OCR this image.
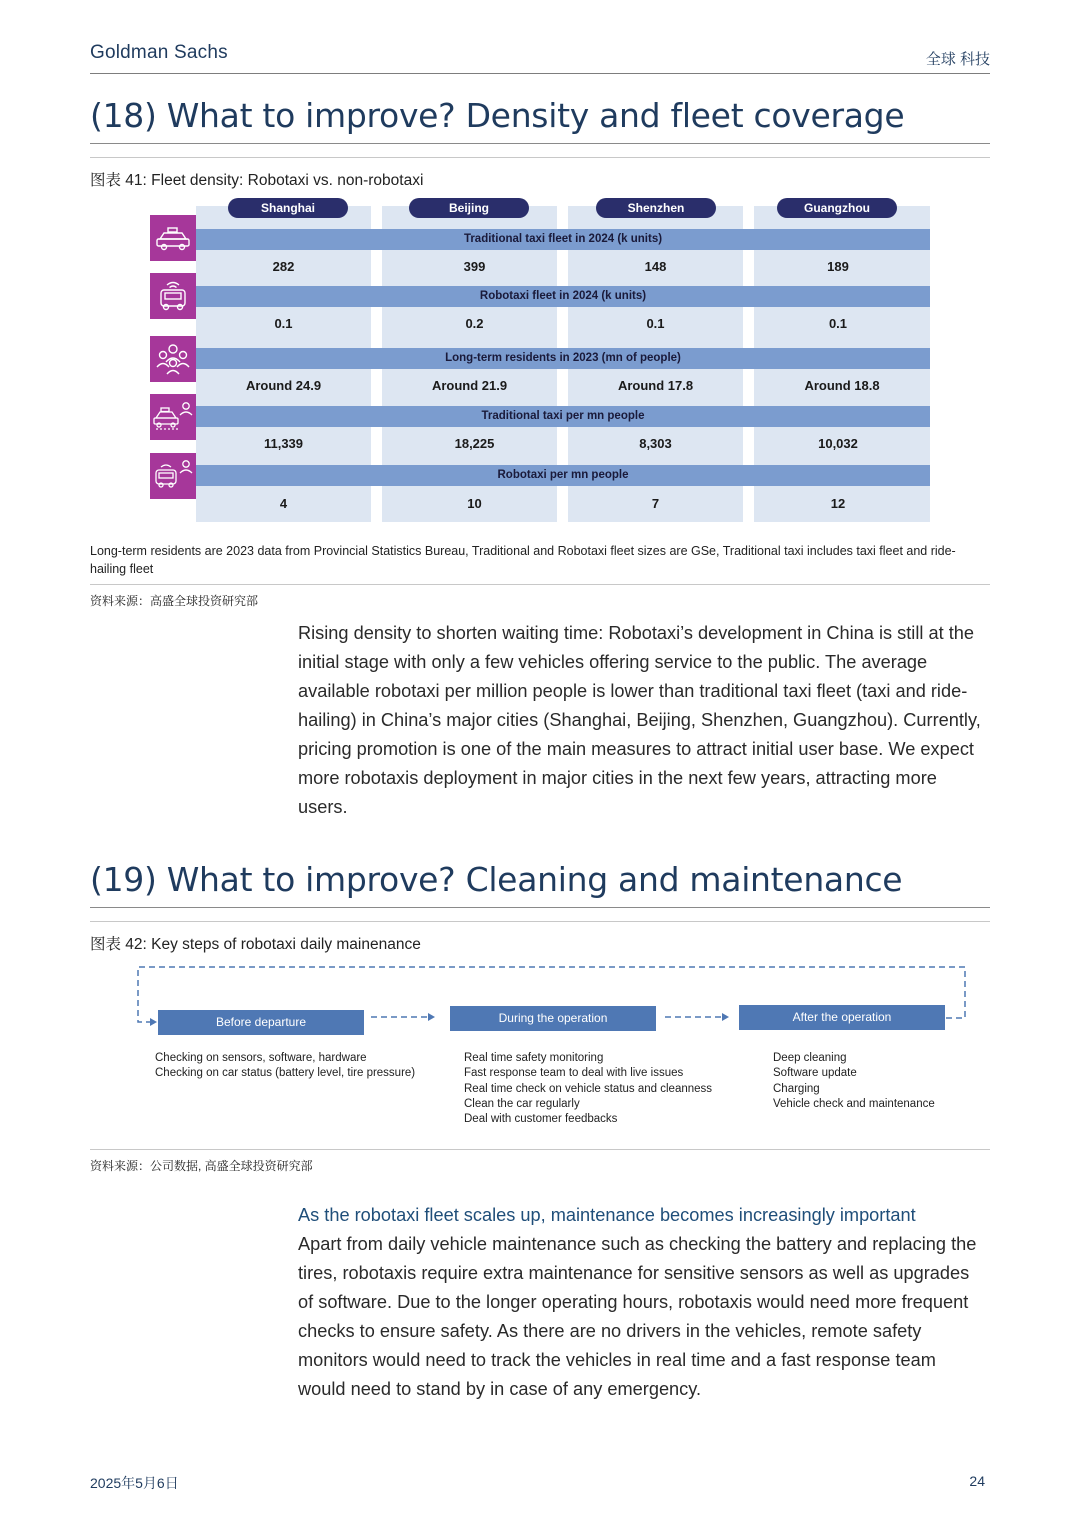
Goldman Sachs	全球 科技
(18) What to improve? Density and fleet coverage
图表 41: Fleet density: Robotaxi vs. non-robotaxi
Shanghai	Beijing	Shenzhen	Guangzhou
Traditional taxi fleet in 2024 (k units)
282	399	148	189
Robotaxi fleet in 2024 (k units)
0.1	0.2	0.1	0.1
Long-term residents in 2023 (mn of people)
Around 24.9	Around 21.9	Around 17.8	Around 18.8
Traditional taxi per mn people
11,339	18,225	8,303	10,032
Robotaxi per mn people
4	10	7	12
Long-term residents are 2023 data from Provincial Statistics Bureau, Traditional and Robotaxi fleet sizes are GSe, Traditional taxi includes taxi fleet and ride-hailing fleet
资料来源：高盛全球投资研究部
Rising density to shorten waiting time: Robotaxi’s development in China is still at the initial stage with only a few vehicles offering service to the public. The average available robotaxi per million people is lower than traditional taxi fleet (taxi and ride-hailing) in China’s major cities (Shanghai, Beijing, Shenzhen, Guangzhou). Currently, pricing promotion is one of the main measures to attract initial user base. We expect more robotaxis deployment in major cities in the next few years, attracting more users.
(19) What to improve? Cleaning and maintenance
图表 42: Key steps of robotaxi daily mainenance
Before departure	During the operation	After the operation
Checking on sensors, software, hardware
Checking on car status (battery level, tire pressure)
Real time safety monitoring
Fast response team to deal with live issues
Real time check on vehicle status and cleanness
Clean the car regularly
Deal with customer feedbacks
Deep cleaning
Software update
Charging
Vehicle check and maintenance
资料来源：公司数据, 高盛全球投资研究部
As the robotaxi fleet scales up, maintenance becomes increasingly important
Apart from daily vehicle maintenance such as checking the battery and replacing the tires, robotaxis require extra maintenance for sensitive sensors as well as upgrades of software. Due to the longer operating hours, robotaxis would need more frequent checks to ensure safety. As there are no drivers in the vehicles, remote safety monitors would need to track the vehicles in real time and a fast response team would need to stand by in case of any emergency.
2025年5月6日	24
